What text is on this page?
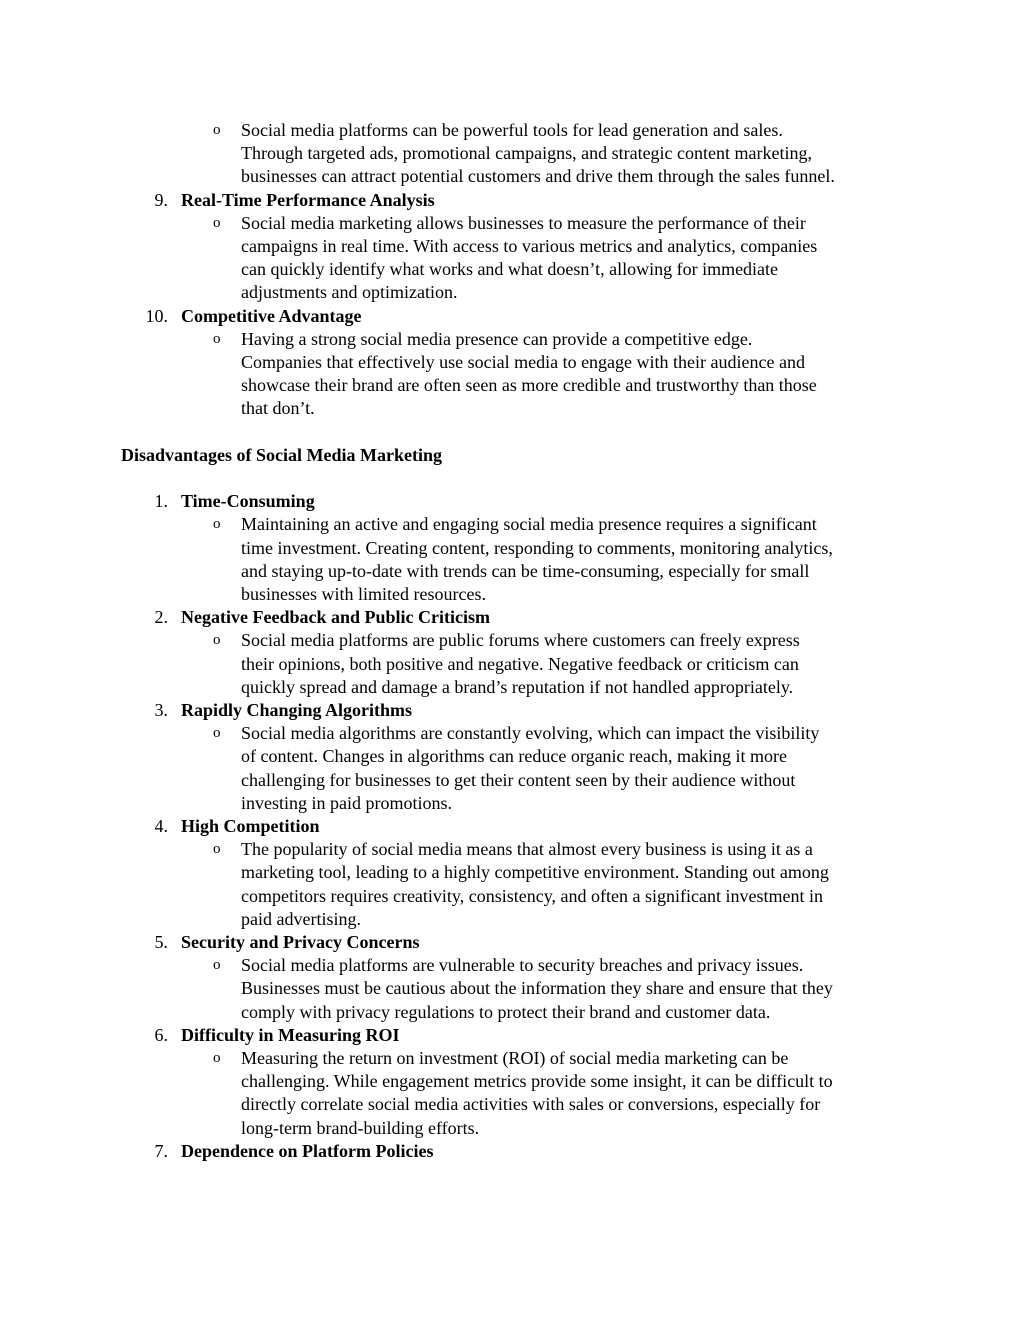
o Social media platforms can be powerful tools for lead generation and sales.
Through targeted ads, promotional campaigns, and strategic content marketing,
businesses can attract potential customers and drive them through the sales funnel.
9. Real-Time Performance Analysis
o Social media marketing allows businesses to measure the performance of their
campaigns in real time. With access to various metrics and analytics, companies
can quickly identify what works and what doesn’t, allowing for immediate
adjustments and optimization.
10. Competitive Advantage
o Having a strong social media presence can provide a competitive edge.
Companies that effectively use social media to engage with their audience and
showcase their brand are often seen as more credible and trustworthy than those
that don’t.
Disadvantages of Social Media Marketing
1. Time-Consuming
o Maintaining an active and engaging social media presence requires a significant
time investment. Creating content, responding to comments, monitoring analytics,
and staying up-to-date with trends can be time-consuming, especially for small
businesses with limited resources.
2. Negative Feedback and Public Criticism
o Social media platforms are public forums where customers can freely express
their opinions, both positive and negative. Negative feedback or criticism can
quickly spread and damage a brand’s reputation if not handled appropriately.
3. Rapidly Changing Algorithms
o Social media algorithms are constantly evolving, which can impact the visibility
of content. Changes in algorithms can reduce organic reach, making it more
challenging for businesses to get their content seen by their audience without
investing in paid promotions.
4. High Competition
o The popularity of social media means that almost every business is using it as a
marketing tool, leading to a highly competitive environment. Standing out among
competitors requires creativity, consistency, and often a significant investment in
paid advertising.
5. Security and Privacy Concerns
o Social media platforms are vulnerable to security breaches and privacy issues.
Businesses must be cautious about the information they share and ensure that they
comply with privacy regulations to protect their brand and customer data.
6. Difficulty in Measuring ROI
o Measuring the return on investment (ROI) of social media marketing can be
challenging. While engagement metrics provide some insight, it can be difficult to
directly correlate social media activities with sales or conversions, especially for
long-term brand-building efforts.
7. Dependence on Platform Policies
